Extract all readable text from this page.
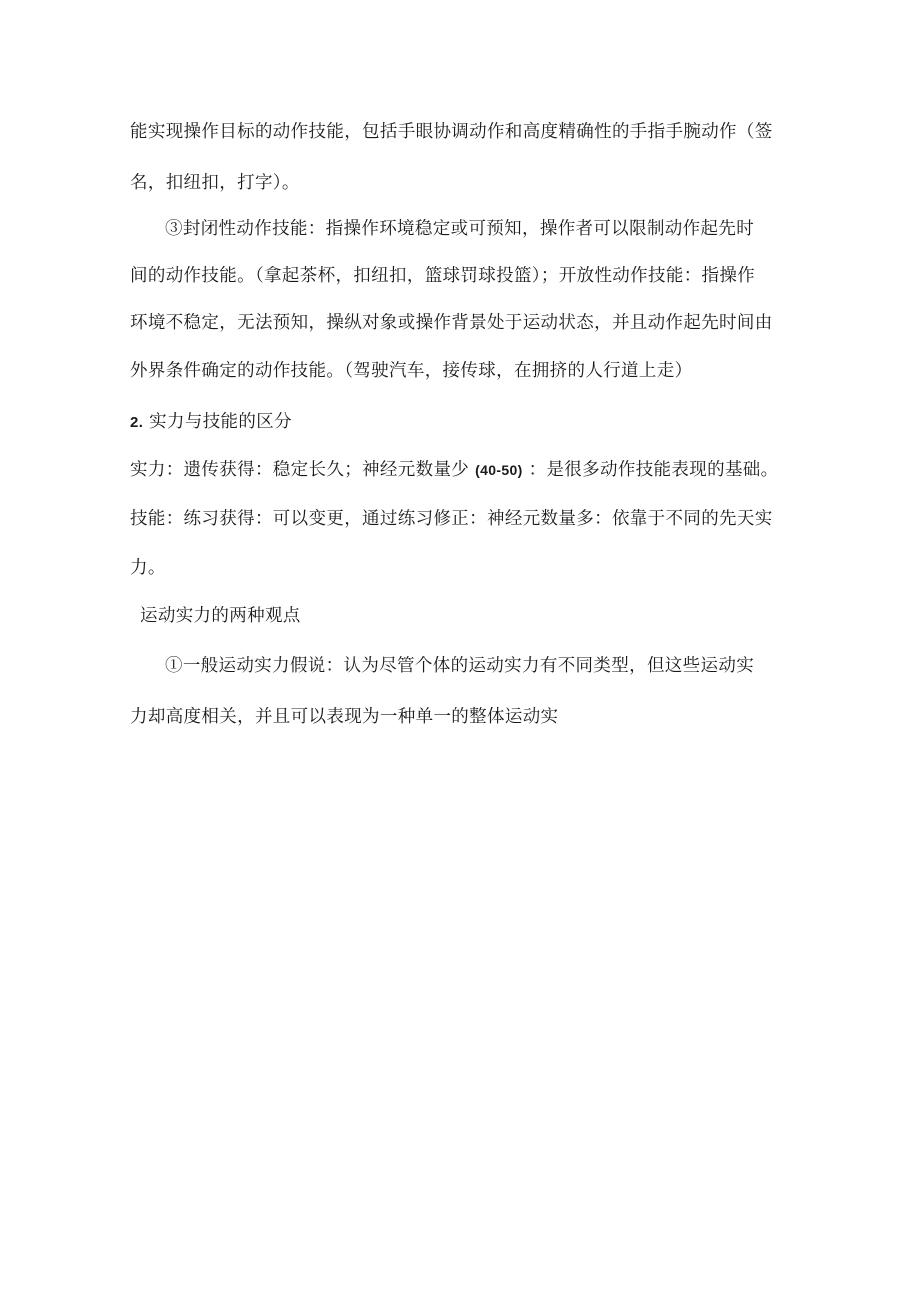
能实现操作目标的动作技能，包括手眼协调动作和高度精确性的手指手腕动作（签
名，扣纽扣，打字）。
③封闭性动作技能：指操作环境稳定或可预知，操作者可以限制动作起先时
间的动作技能。（拿起茶杯，扣纽扣，篮球罚球投篮）；开放性动作技能：指操作
环境不稳定，无法预知，操纵对象或操作背景处于运动状态，并且动作起先时间由
外界条件确定的动作技能。（驾驶汽车，接传球，在拥挤的人行道上走）
2. 实力与技能的区分
实力：遗传获得：稳定长久；神经元数量少 (40-50) ：是很多动作技能表现的基础。
技能：练习获得：可以变更，通过练习修正：神经元数量多：依靠于不同的先天实
力。
运动实力的两种观点
①一般运动实力假说：认为尽管个体的运动实力有不同类型，但这些运动实
力却高度相关，并且可以表现为一种单一的整体运动实
